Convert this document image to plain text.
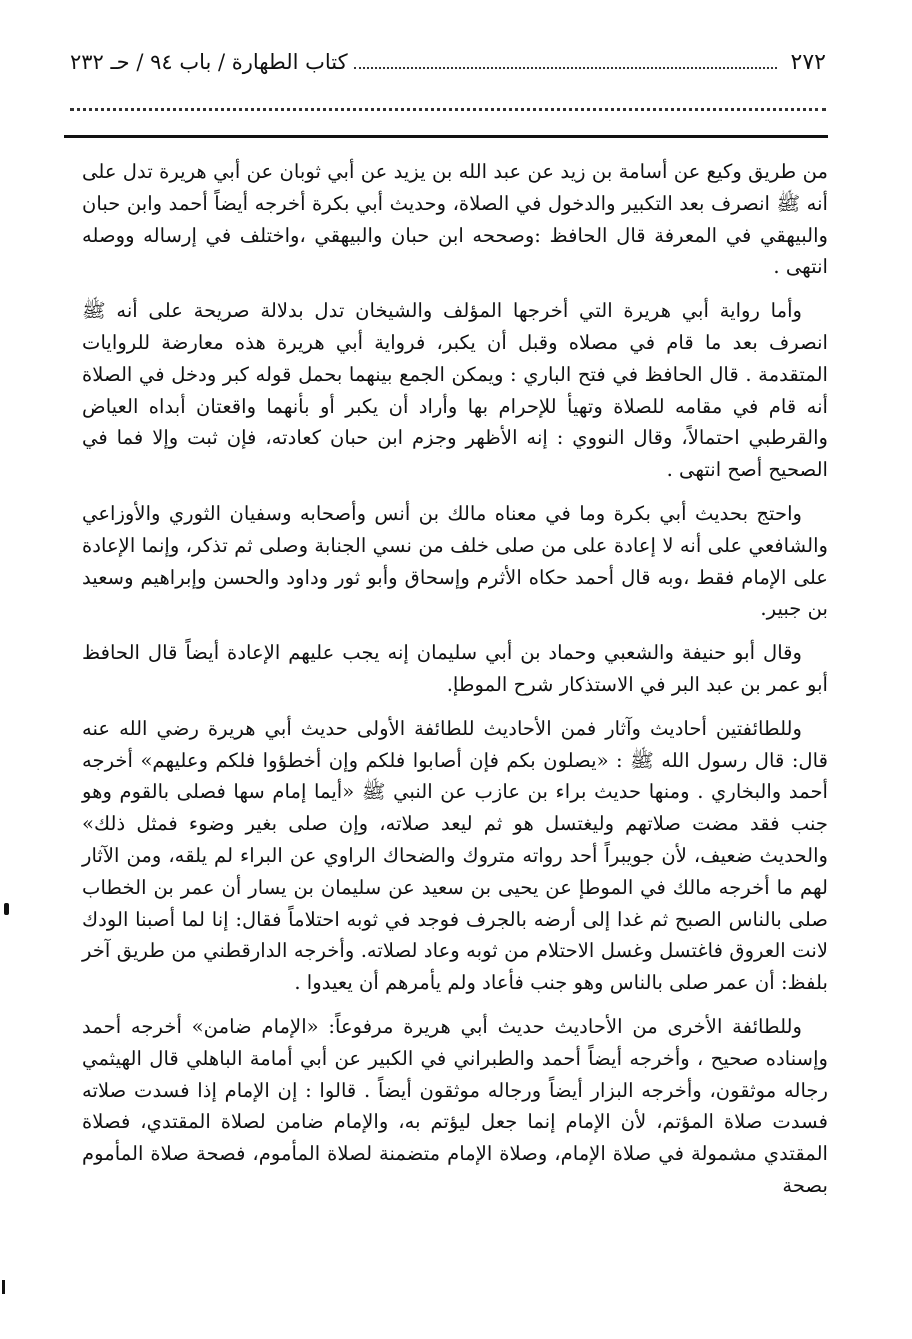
٢٧٢
كتاب الطهارة / باب ٩٤ / حـ ٢٣٢

من طريق وكيع عن أسامة بن زيد عن عبد الله بن يزيد عن أبي ثوبان عن أبي هريرة تدل على أنه ﷺ انصرف بعد التكبير والدخول في الصلاة، وحديث أبي بكرة أخرجه أيضاً أحمد وابن حبان والبيهقي في المعرفة قال الحافظ :وصححه ابن حبان والبيهقي ،واختلف في إرساله ووصله انتهى .

وأما رواية أبي هريرة التي أخرجها المؤلف والشيخان تدل بدلالة صريحة على أنه ﷺ انصرف بعد ما قام في مصلاه وقبل أن يكبر، فرواية أبي هريرة هذه معارضة للروايات المتقدمة . قال الحافظ في فتح الباري : ويمكن الجمع بينهما بحمل قوله كبر ودخل في الصلاة أنه قام في مقامه للصلاة وتهيأ للإحرام بها وأراد أن يكبر أو بأنهما واقعتان أبداه العياض والقرطبي احتمالاً، وقال النووي : إنه الأظهر وجزم ابن حبان كعادته، فإن ثبت وإلا فما في الصحيح أصح انتهى .

واحتج بحديث أبي بكرة وما في معناه مالك بن أنس وأصحابه وسفيان الثوري والأوزاعي والشافعي على أنه لا إعادة على من صلى خلف من نسي الجنابة وصلى ثم تذكر، وإنما الإعادة على الإمام فقط ،وبه قال أحمد حكاه الأثرم وإسحاق وأبو ثور وداود والحسن وإبراهيم وسعيد بن جبير.

وقال أبو حنيفة والشعبي وحماد بن أبي سليمان إنه يجب عليهم الإعادة أيضاً قال الحافظ أبو عمر بن عبد البر في الاستذكار شرح الموطإ.

وللطائفتين أحاديث وآثار فمن الأحاديث للطائفة الأولى حديث أبي هريرة رضي الله عنه قال: قال رسول الله ﷺ : «يصلون بكم فإن أصابوا فلكم وإن أخطؤوا فلكم وعليهم» أخرجه أحمد والبخاري . ومنها حديث براء بن عازب عن النبي ﷺ «أيما إمام سها فصلى بالقوم وهو جنب فقد مضت صلاتهم وليغتسل هو ثم ليعد صلاته، وإن صلى بغير وضوء فمثل ذلك» والحديث ضعيف، لأن جويبراً أحد رواته متروك والضحاك الراوي عن البراء لم يلقه، ومن الآثار لهم ما أخرجه مالك في الموطإ عن يحيى بن سعيد عن سليمان بن يسار أن عمر بن الخطاب صلى بالناس الصبح ثم غدا إلى أرضه بالجرف فوجد في ثوبه احتلاماً فقال: إنا لما أصبنا الودك لانت العروق فاغتسل وغسل الاحتلام من ثوبه وعاد لصلاته. وأخرجه الدارقطني من طريق آخر بلفظ: أن عمر صلى بالناس وهو جنب فأعاد ولم يأمرهم أن يعيدوا .

وللطائفة الأخرى من الأحاديث حديث أبي هريرة مرفوعاً: «الإمام ضامن» أخرجه أحمد وإسناده صحيح ، وأخرجه أيضاً أحمد والطبراني في الكبير عن أبي أمامة الباهلي قال الهيثمي رجاله موثقون، وأخرجه البزار أيضاً ورجاله موثقون أيضاً . قالوا : إن الإمام إذا فسدت صلاته فسدت صلاة المؤتم، لأن الإمام إنما جعل ليؤتم به، والإمام ضامن لصلاة المقتدي، فصلاة المقتدي مشمولة في صلاة الإمام، وصلاة الإمام متضمنة لصلاة المأموم، فصحة صلاة المأموم بصحة
